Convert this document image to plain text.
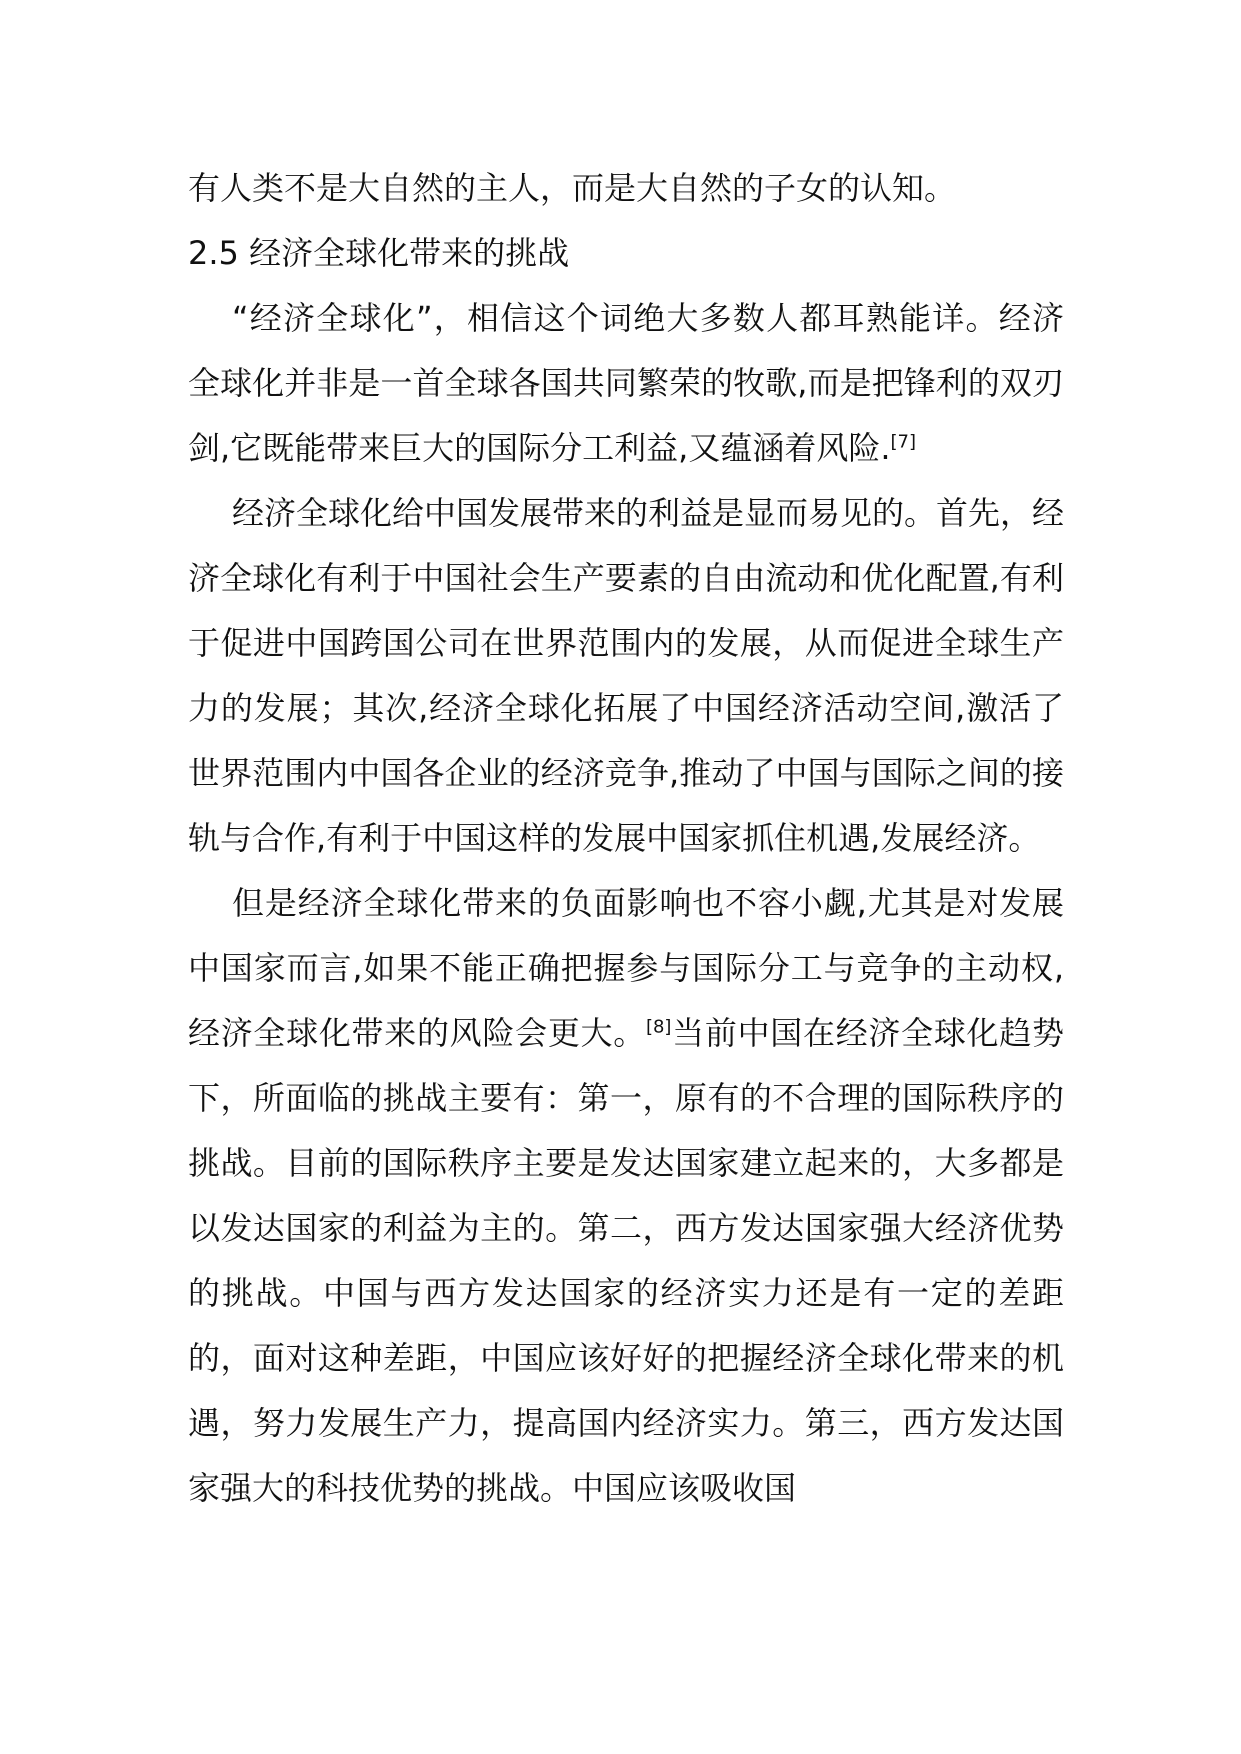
有人类不是大自然的主人，而是大自然的子女的认知。

2.5 经济全球化带来的挑战

“经济全球化”，相信这个词绝大多数人都耳熟能详。经济全球化并非是一首全球各国共同繁荣的牧歌,而是把锋利的双刃剑,它既能带来巨大的国际分工利益,又蕴涵着风险.[7]

经济全球化给中国发展带来的利益是显而易见的。首先，经济全球化有利于中国社会生产要素的自由流动和优化配置,有利于促进中国跨国公司在世界范围内的发展，从而促进全球生产力的发展；其次,经济全球化拓展了中国经济活动空间,激活了世界范围内中国各企业的经济竞争,推动了中国与国际之间的接轨与合作,有利于中国这样的发展中国家抓住机遇,发展经济。

但是经济全球化带来的负面影响也不容小觑,尤其是对发展中国家而言,如果不能正确把握参与国际分工与竞争的主动权,经济全球化带来的风险会更大。[8]当前中国在经济全球化趋势下，所面临的挑战主要有：第一，原有的不合理的国际秩序的挑战。目前的国际秩序主要是发达国家建立起来的，大多都是以发达国家的利益为主的。第二，西方发达国家强大经济优势的挑战。中国与西方发达国家的经济实力还是有一定的差距的，面对这种差距，中国应该好好的把握经济全球化带来的机遇，努力发展生产力，提高国内经济实力。第三，西方发达国家强大的科技优势的挑战。中国应该吸收国
